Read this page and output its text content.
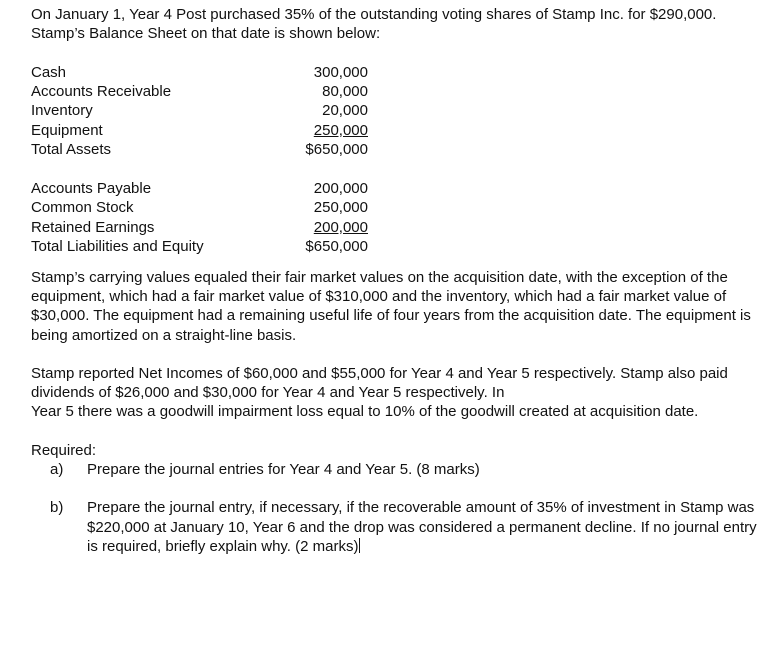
On January 1, Year 4 Post purchased 35% of the outstanding voting shares of Stamp Inc. for $290,000. Stamp’s Balance Sheet on that date is shown below:

Cash	300,000
Accounts Receivable	80,000
Inventory	20,000
Equipment	250,000
Total Assets	$650,000

Accounts Payable	200,000
Common Stock	250,000
Retained Earnings	200,000
Total Liabilities and Equity	$650,000

Stamp’s carrying values equaled their fair market values on the acquisition date, with the exception of the equipment, which had a fair market value of $310,000 and the inventory, which had a fair market value of $30,000. The equipment had a remaining useful life of four years from the acquisition date. The equipment is being amortized on a straight-line basis.

Stamp reported Net Incomes of $60,000 and $55,000 for Year 4 and Year 5 respectively. Stamp also paid dividends of $26,000 and $30,000 for Year 4 and Year 5 respectively. In
Year 5 there was a goodwill impairment loss equal to 10% of the goodwill created at acquisition date.
Required:
a)	Prepare the journal entries for Year 4 and Year 5. (8 marks)
b)	Prepare the journal entry, if necessary, if the recoverable amount of 35% of investment in Stamp was $220,000 at January 10, Year 6 and the drop was considered a permanent decline. If no journal entry is required, briefly explain why. (2 marks)
